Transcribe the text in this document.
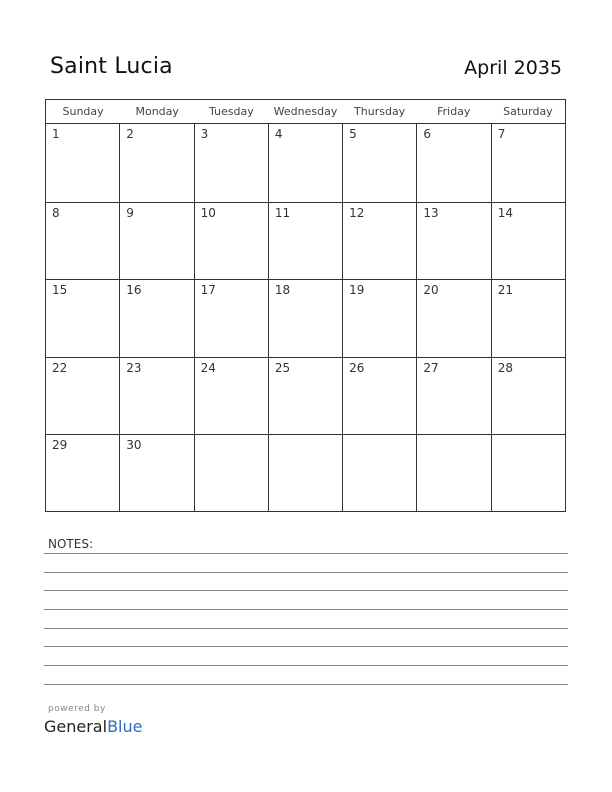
Saint Lucia	April 2035
Sunday	Monday	Tuesday	Wednesday	Thursday	Friday	Saturday
1	2	3	4	5	6	7
8	9	10	11	12	13	14
15	16	17	18	19	20	21
22	23	24	25	26	27	28
29	30
NOTES:
powered by
GeneralBlue
